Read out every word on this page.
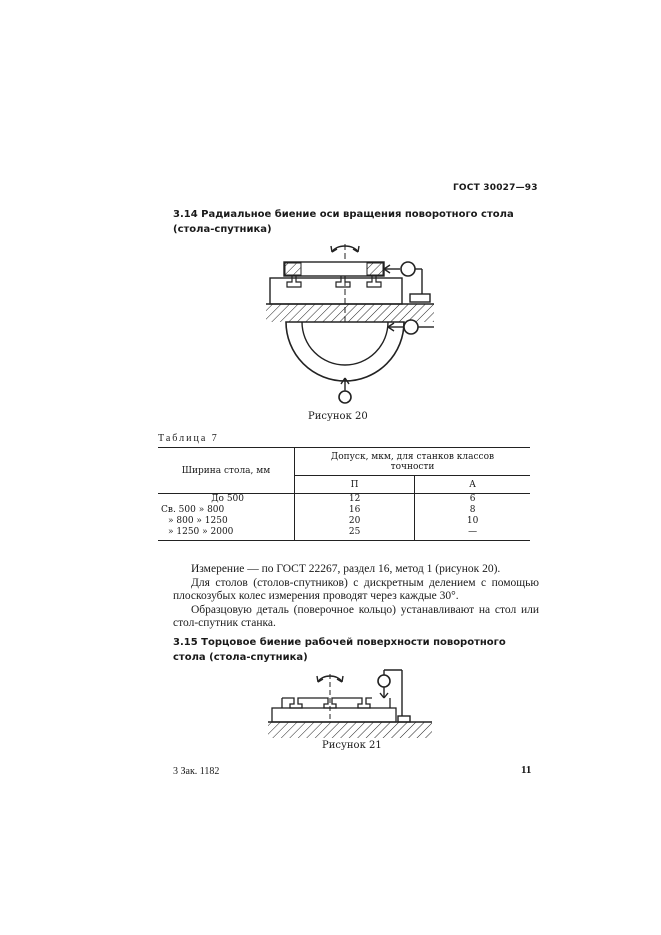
ГОСТ 30027—93
3.14 Радиальное биение оси вращения поворотного стола (стола-спутника)
Рисунок 20
Таблица 7
Ширина стола, мм	Допуск, мкм, для станков классов точности	
	П	А
До 500	12	6
Св. 500 » 800	16	8
» 800 » 1250	20	10
» 1250 » 2000	25	—

Измерение — по ГОСТ 22267, раздел 16, метод 1 (рисунок 20).

Для столов (столов-спутников) с дискретным делением с помощью плоскозубых колес измерения проводят через каждые 30°.

Образцовую деталь (поверочное кольцо) устанавливают на стол или стол-спутник станка.

3.15 Торцовое биение рабочей поверхности поворотного стола (стола-спутника)
Рисунок 21
3 Зак. 1182	11
